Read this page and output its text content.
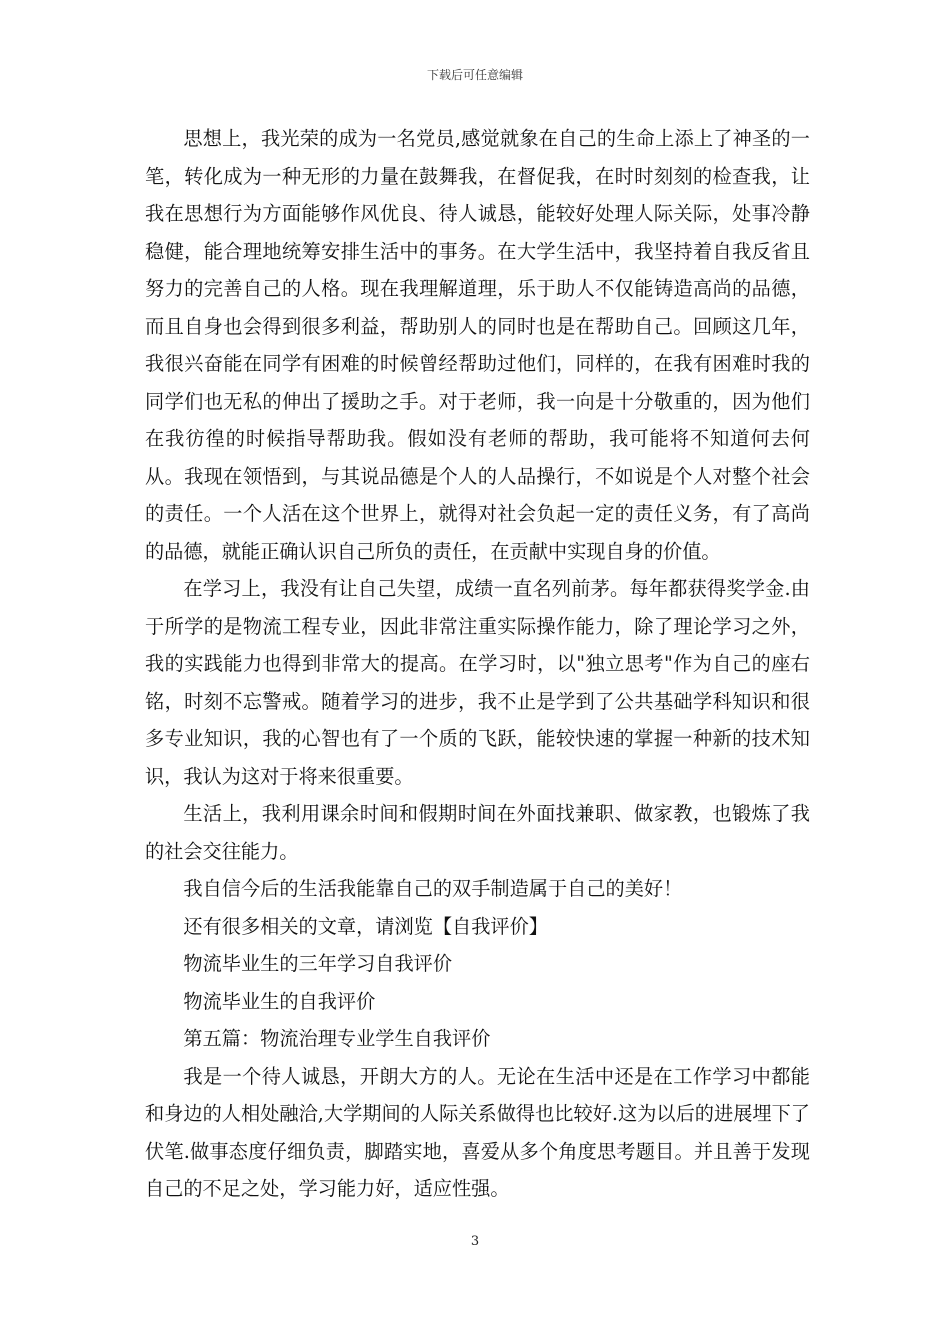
下载后可任意编辑

思想上，我光荣的成为一名党员,感觉就象在自己的生命上添上了神圣的一笔，转化成为一种无形的力量在鼓舞我，在督促我，在时时刻刻的检查我，让我在思想行为方面能够作风优良、待人诚恳，能较好处理人际关际，处事冷静稳健，能合理地统筹安排生活中的事务。在大学生活中，我坚持着自我反省且努力的完善自己的人格。现在我理解道理，乐于助人不仅能铸造高尚的品德，而且自身也会得到很多利益，帮助别人的同时也是在帮助自己。回顾这几年，我很兴奋能在同学有困难的时候曾经帮助过他们，同样的，在我有困难时我的同学们也无私的伸出了援助之手。对于老师，我一向是十分敬重的，因为他们在我彷徨的时候指导帮助我。假如没有老师的帮助，我可能将不知道何去何从。我现在领悟到，与其说品德是个人的人品操行，不如说是个人对整个社会的责任。一个人活在这个世界上，就得对社会负起一定的责任义务，有了高尚的品德，就能正确认识自己所负的责任，在贡献中实现自身的价值。

在学习上，我没有让自己失望，成绩一直名列前茅。每年都获得奖学金.由于所学的是物流工程专业，因此非常注重实际操作能力，除了理论学习之外，我的实践能力也得到非常大的提高。在学习时，以"独立思考"作为自己的座右铭，时刻不忘警戒。随着学习的进步，我不止是学到了公共基础学科知识和很多专业知识，我的心智也有了一个质的飞跃，能较快速的掌握一种新的技术知识，我认为这对于将来很重要。

生活上，我利用课余时间和假期时间在外面找兼职、做家教，也锻炼了我的社会交往能力。

我自信今后的生活我能靠自己的双手制造属于自己的美好！

还有很多相关的文章，请浏览【自我评价】

物流毕业生的三年学习自我评价

物流毕业生的自我评价

第五篇：物流治理专业学生自我评价

我是一个待人诚恳，开朗大方的人。无论在生活中还是在工作学习中都能和身边的人相处融洽,大学期间的人际关系做得也比较好.这为以后的进展埋下了伏笔.做事态度仔细负责，脚踏实地，喜爱从多个角度思考题目。并且善于发现自己的不足之处，学习能力好，适应性强。

3
